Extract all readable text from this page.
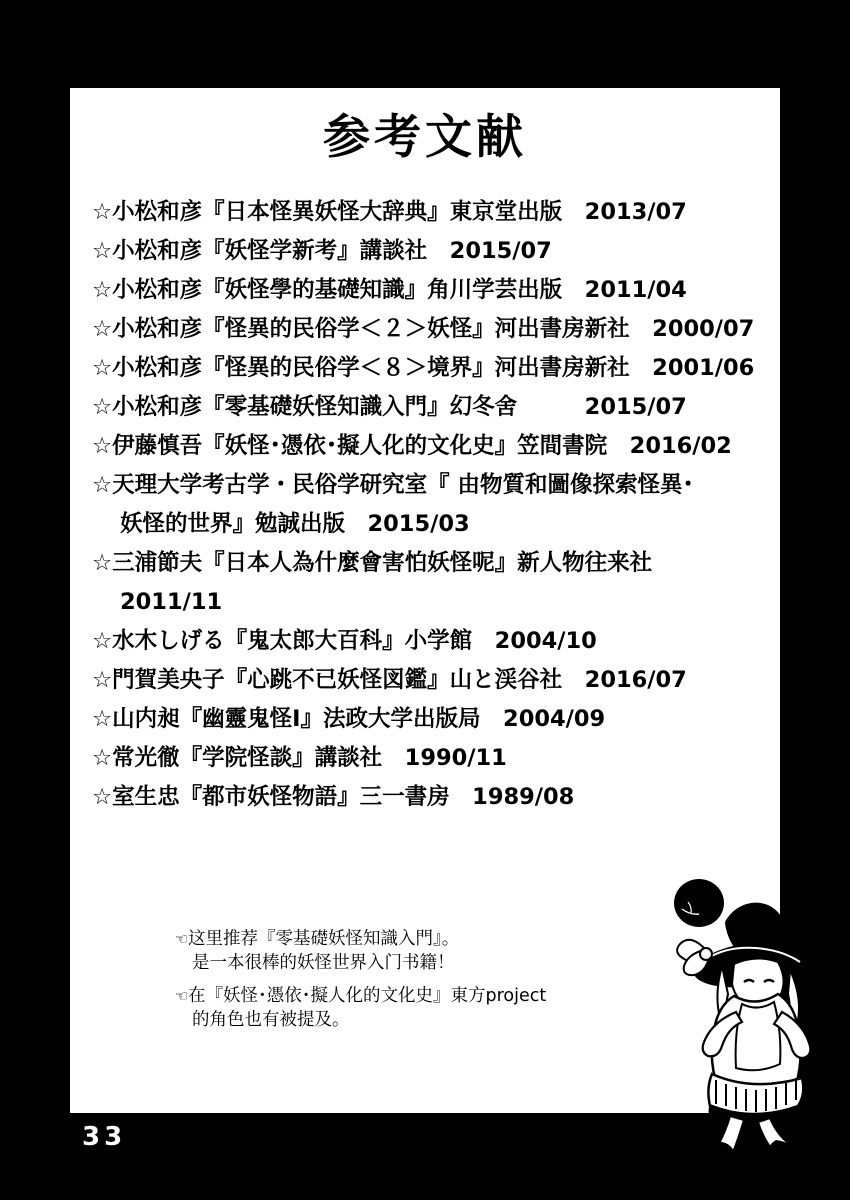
参考文献
☆小松和彦『日本怪異妖怪大辞典』東京堂出版　2013/07
☆小松和彦『妖怪学新考』講談社　2015/07
☆小松和彦『妖怪學的基礎知識』角川学芸出版　2011/04
☆小松和彦『怪異的民俗学＜２＞妖怪』河出書房新社　2000/07
☆小松和彦『怪異的民俗学＜８＞境界』河出書房新社　2001/06
☆小松和彦『零基礎妖怪知識入門』幻冬舍　　　2015/07
☆伊藤慎吾『妖怪･憑依･擬人化的文化史』笠間書院　2016/02
☆天理大学考古学・民俗学研究室『 由物質和圖像探索怪異･
妖怪的世界』勉誠出版　2015/03
☆三浦節夫『日本人為什麼會害怕妖怪呢』新人物往来社
2011/11
☆水木しげる『鬼太郎大百科』小学館　2004/10
☆門賀美央子『心跳不已妖怪図鑑』山と渓谷社　2016/07
☆山内昶『幽靈鬼怪Ⅰ』法政大学出版局　2004/09
☆常光徹『学院怪談』講談社　1990/11
☆室生忠『都市妖怪物語』三一書房　1989/08
☞这里推荐『零基礎妖怪知識入門』。
是一本很棒的妖怪世界入门书籍！
☞在『妖怪･憑依･擬人化的文化史』東方project
的角色也有被提及。
33
